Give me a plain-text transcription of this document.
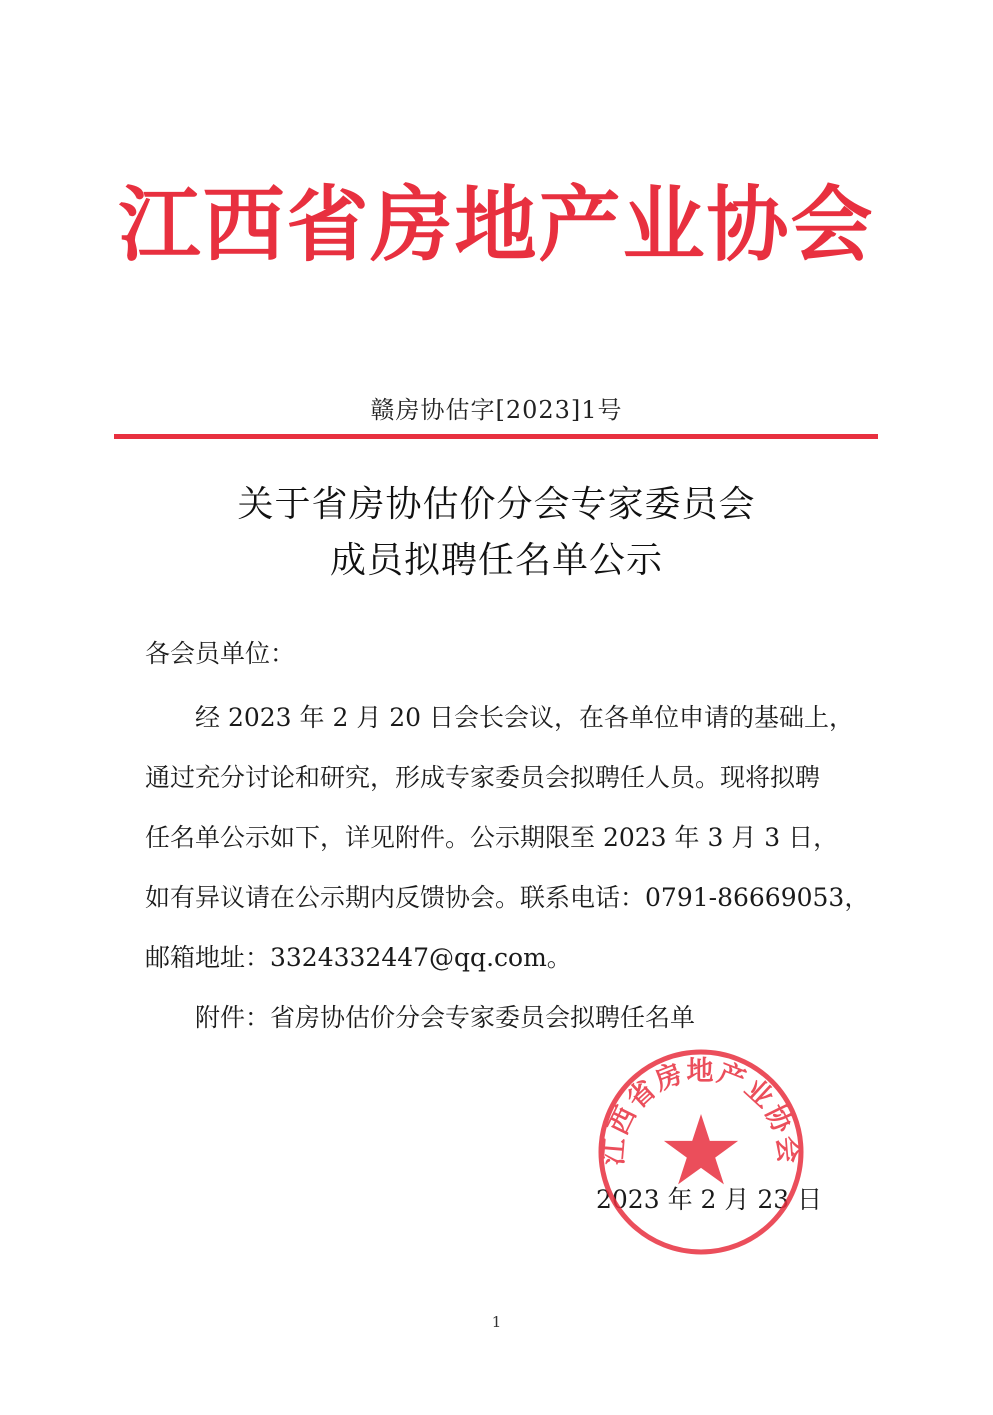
江西省房地产业协会
赣房协估字[2023]1号
关于省房协估价分会专家委员会
成员拟聘任名单公示
各会员单位：
经 2023 年 2 月 20 日会长会议，在各单位申请的基础上，
通过充分讨论和研究，形成专家委员会拟聘任人员。现将拟聘
任名单公示如下，详见附件。公示期限至 2023 年 3 月 3 日，
如有异议请在公示期内反馈协会。联系电话：0791-86669053，
邮箱地址：3324332447@qq.com。
附件：省房协估价分会专家委员会拟聘任名单
2023 年 2 月 23 日
江西省房地产业协会
1
